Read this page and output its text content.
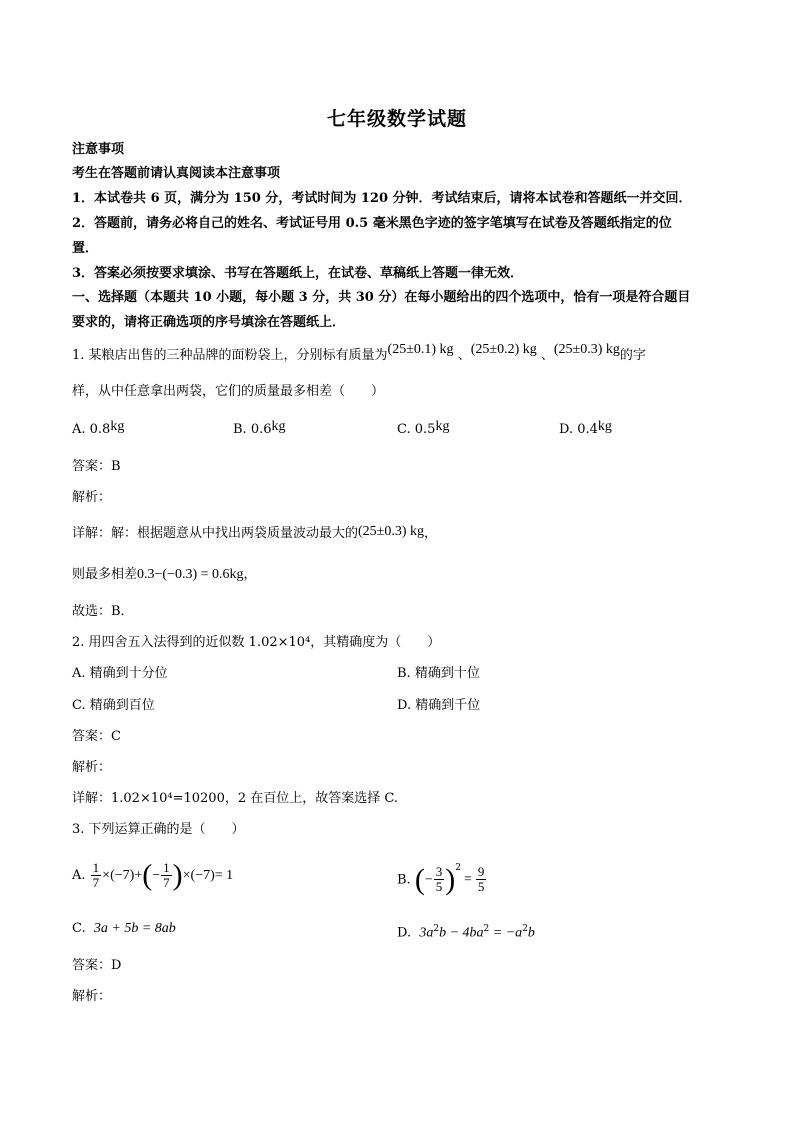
七年级数学试题
注意事项
考生在答题前请认真阅读本注意事项
1．本试卷共 6 页，满分为 150 分，考试时间为 120 分钟．考试结束后，请将本试卷和答题纸一并交回．
2．答题前，请务必将自己的姓名、考试证号用 0.5 毫米黑色字迹的签字笔填写在试卷及答题纸指定的位
置．
3．答案必须按要求填涂、书写在答题纸上，在试卷、草稿纸上答题一律无效．
一、选择题（本题共 10 小题，每小题 3 分，共 30 分）在每小题给出的四个选项中，恰有一项是符合题目
要求的，请将正确选项的序号填涂在答题纸上．
1. 某粮店出售的三种品牌的面粉袋上，分别标有质量为(25±0.1) kg 、(25±0.2) kg 、(25±0.3) kg的字
样，从中任意拿出两袋，它们的质量最多相差（　　）
A. 0.8kg	B. 0.6kg	C. 0.5kg	D. 0.4kg
答案：B
解析：
详解：解：根据题意从中找出两袋质量波动最大的(25±0.3) kg，
则最多相差0.3−(−0.3) = 0.6kg，
故选：B．
2. 用四舍五入法得到的近似数 1.02×10⁴，其精确度为（　　）
A. 精确到十分位	B. 精确到十位
C. 精确到百位	D. 精确到千位
答案：C
解析：
详解：1.02×10⁴=10200，2 在百位上，故答案选择 C.
3. 下列运算正确的是（　　）
A. $\frac{1}{7} \times(-7)+(- \frac{1}{7} )\times(-7)= 1$	B. (− $\frac{3}{5} )^2= \frac{9}{5}$
C. 3a + 5b = 8ab	D. $3a^2b - 4ba^2 = -a^2b$
答案：D
解析：
